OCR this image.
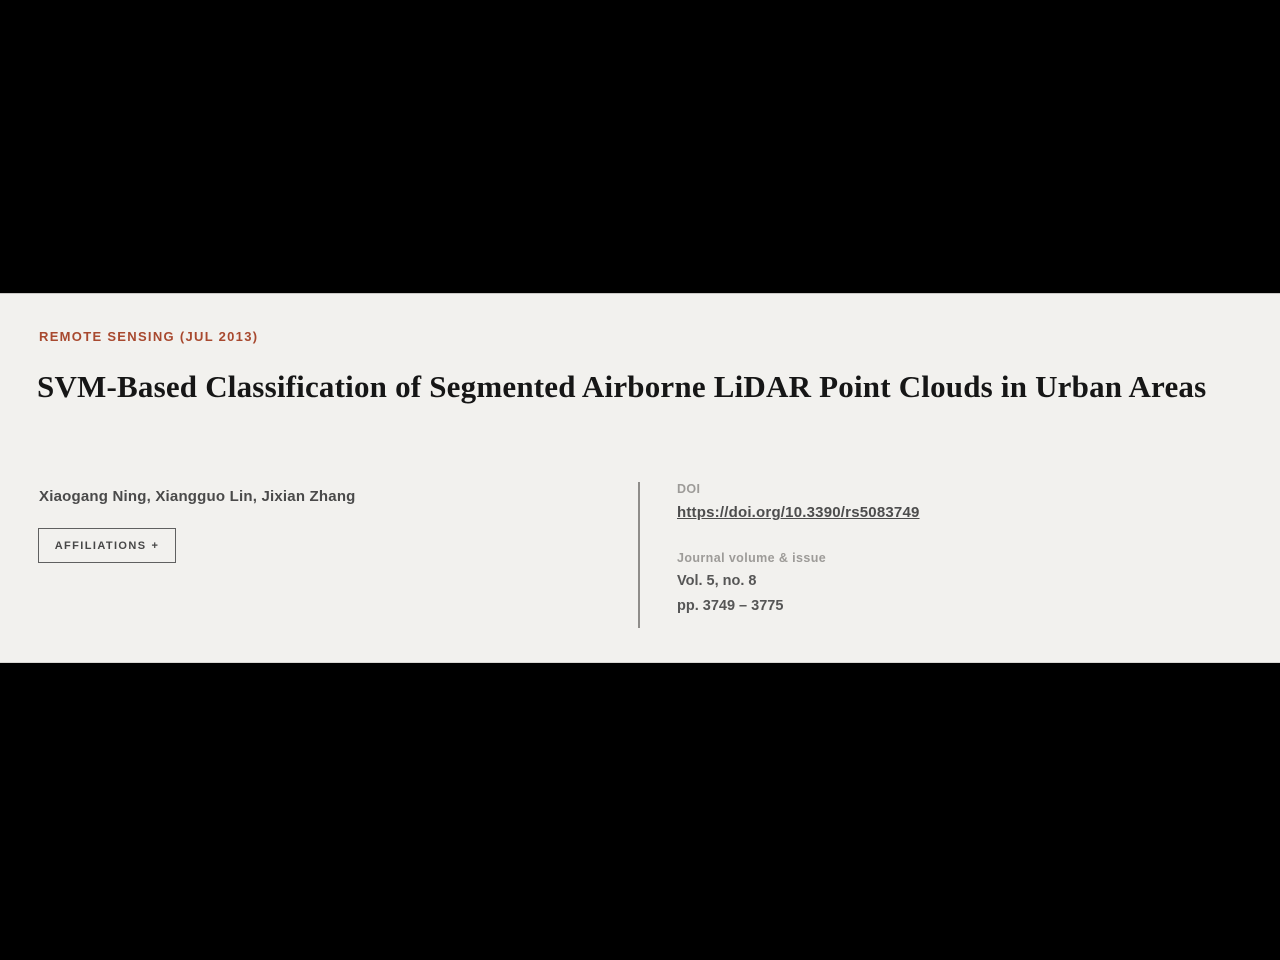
REMOTE SENSING (JUL 2013)
SVM-Based Classification of Segmented Airborne LiDAR Point Clouds in Urban Areas
Xiaogang Ning, Xiangguo Lin, Jixian Zhang
AFFILIATIONS +
DOI
https://doi.org/10.3390/rs5083749
Journal volume & issue
Vol. 5, no. 8
pp. 3749 – 3775
